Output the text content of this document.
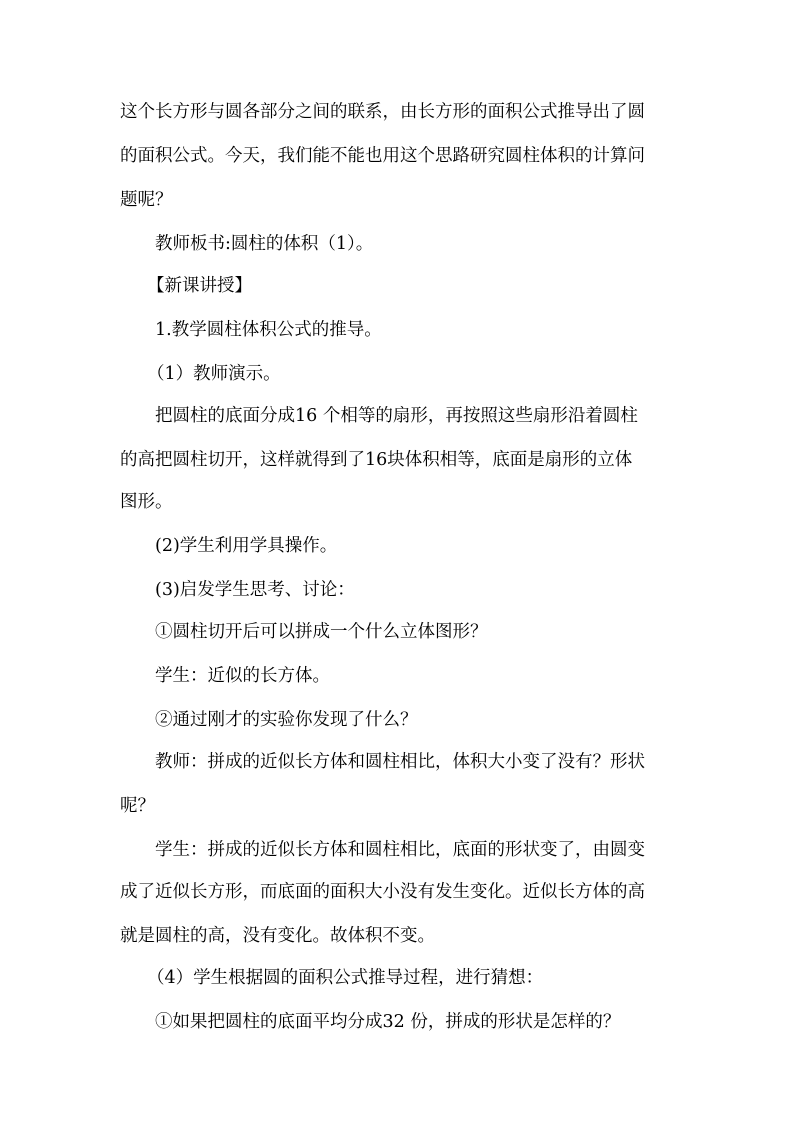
这个长方形与圆各部分之间的联系，由长方形的面积公式推导出了圆
的面积公式。今天，我们能不能也用这个思路研究圆柱体积的计算问
题呢？
教师板书:圆柱的体积（1）。
【新课讲授】
1.教学圆柱体积公式的推导。
（1）教师演示。
把圆柱的底面分成16 个相等的扇形，再按照这些扇形沿着圆柱
的高把圆柱切开，这样就得到了16块体积相等，底面是扇形的立体
图形。
(2)学生利用学具操作。
(3)启发学生思考、讨论：
①圆柱切开后可以拼成一个什么立体图形？
学生：近似的长方体。
②通过刚才的实验你发现了什么？
教师：拼成的近似长方体和圆柱相比，体积大小变了没有？形状
呢？
学生：拼成的近似长方体和圆柱相比，底面的形状变了，由圆变
成了近似长方形，而底面的面积大小没有发生变化。近似长方体的高
就是圆柱的高，没有变化。故体积不变。
（4）学生根据圆的面积公式推导过程，进行猜想：
①如果把圆柱的底面平均分成32 份，拼成的形状是怎样的？
